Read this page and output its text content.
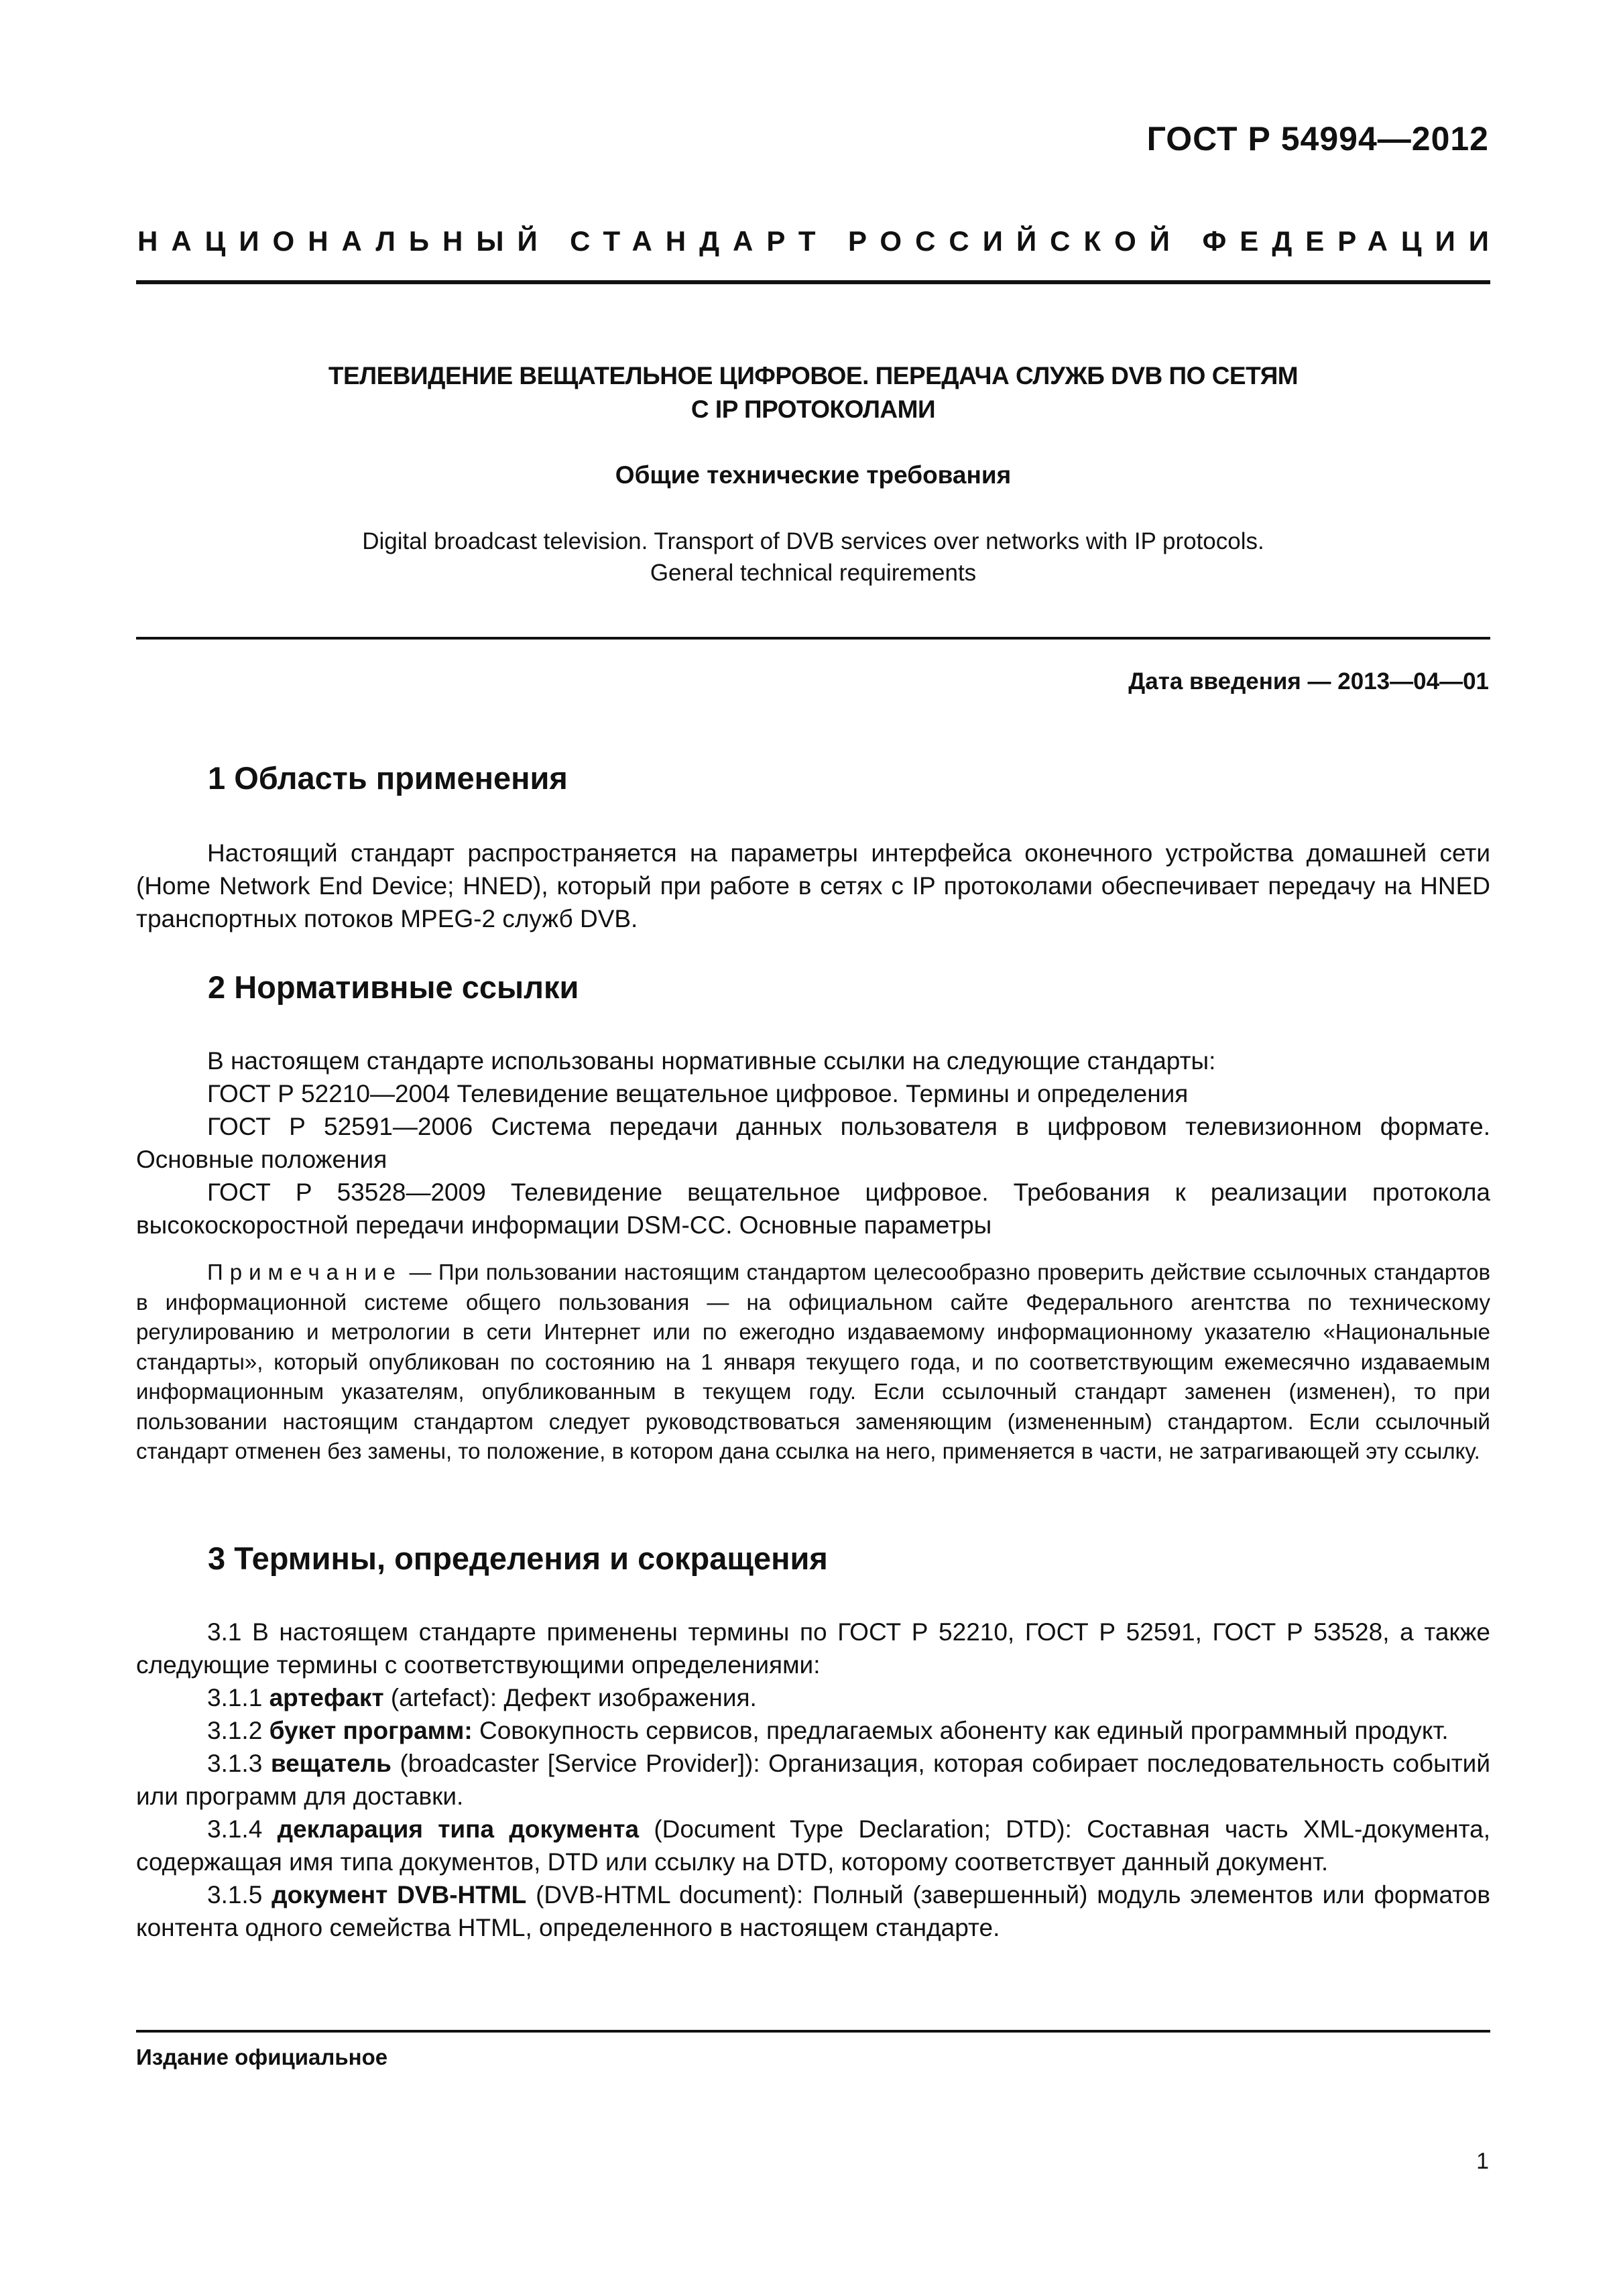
ГОСТ Р 54994—2012
НАЦИОНАЛЬНЫЙ СТАНДАРТ РОССИЙСКОЙ ФЕДЕРАЦИИ
ТЕЛЕВИДЕНИЕ ВЕЩАТЕЛЬНОЕ ЦИФРОВОЕ. ПЕРЕДАЧА СЛУЖБ DVB ПО СЕТЯМ
С IP ПРОТОКОЛАМИ
Общие технические требования
Digital broadcast television. Transport of DVB services over networks with IP protocols.
General technical requirements
Дата введения — 2013—04—01
1 Область применения

Настоящий стандарт распространяется на параметры интерфейса оконечного устройства домашней сети (Home Network End Device; HNED), который при работе в сетях с IP протоколами обеспечивает передачу на HNED транспортных потоков MPEG-2 служб DVB.

2 Нормативные ссылки

В настоящем стандарте использованы нормативные ссылки на следующие стандарты:

ГОСТ Р 52210—2004 Телевидение вещательное цифровое. Термины и определения

ГОСТ Р 52591—2006 Система передачи данных пользователя в цифровом телевизионном формате. Основные положения

ГОСТ Р 53528—2009 Телевидение вещательное цифровое. Требования к реализации протокола высокоскоростной передачи информации DSM-CC. Основные параметры

Примечание — При пользовании настоящим стандартом целесообразно проверить действие ссылочных стандартов в информационной системе общего пользования — на официальном сайте Федерального агентства по техническому регулированию и метрологии в сети Интернет или по ежегодно издаваемому информационному указателю «Национальные стандарты», который опубликован по состоянию на 1 января текущего года, и по соответствующим ежемесячно издаваемым информационным указателям, опубликованным в текущем году. Если ссылочный стандарт заменен (изменен), то при пользовании настоящим стандартом следует руководствоваться заменяющим (измененным) стандартом. Если ссылочный стандарт отменен без замены, то положение, в котором дана ссылка на него, применяется в части, не затрагивающей эту ссылку.
3 Термины, определения и сокращения

3.1 В настоящем стандарте применены термины по ГОСТ Р 52210, ГОСТ Р 52591, ГОСТ Р 53528, а также следующие термины с соответствующими определениями:

3.1.1 артефакт (artefact): Дефект изображения.

3.1.2 букет программ: Совокупность сервисов, предлагаемых абоненту как единый программный продукт.

3.1.3 вещатель (broadcaster [Service Provider]): Организация, которая собирает последовательность событий или программ для доставки.

3.1.4 декларация типа документа (Document Type Declaration; DTD): Составная часть XML-документа, содержащая имя типа документов, DTD или ссылку на DTD, которому соответствует данный документ.

3.1.5 документ DVB-HTML (DVB-HTML document): Полный (завершенный) модуль элементов или форматов контента одного семейства HTML, определенного в настоящем стандарте.

Издание официальное
1
